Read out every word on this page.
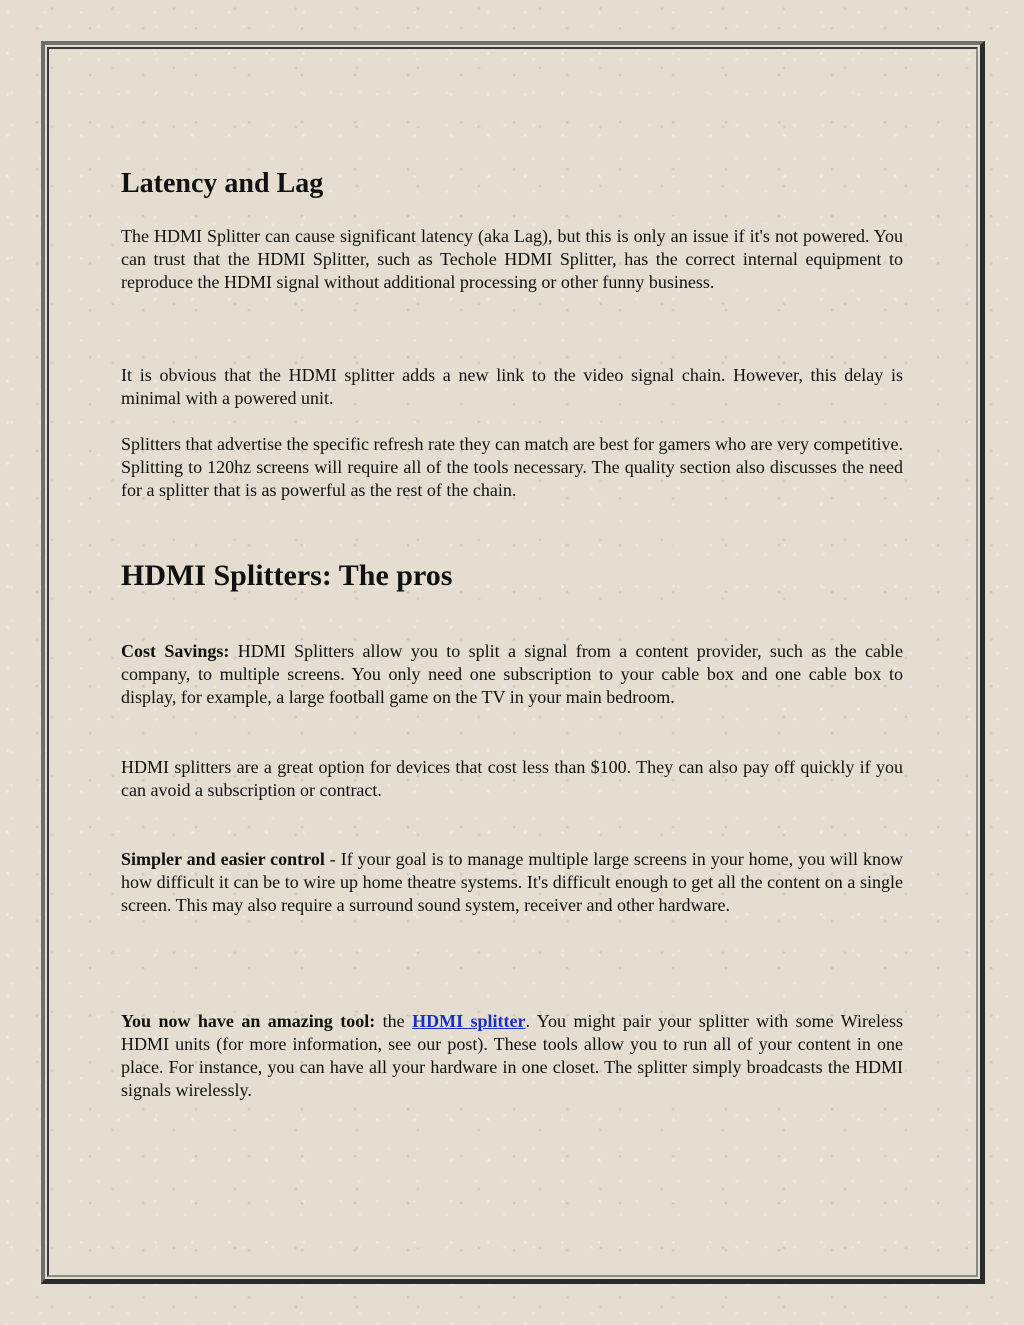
Latency and Lag

The HDMI Splitter can cause significant latency (aka Lag), but this is only an issue if it's not powered. You can trust that the HDMI Splitter, such as Techole HDMI Splitter, has the correct internal equipment to reproduce the HDMI signal without additional processing or other funny business.

It is obvious that the HDMI splitter adds a new link to the video signal chain. However, this delay is minimal with a powered unit.

Splitters that advertise the specific refresh rate they can match are best for gamers who are very competitive. Splitting to 120hz screens will require all of the tools necessary. The quality section also discusses the need for a splitter that is as powerful as the rest of the chain.

HDMI Splitters: The pros

Cost Savings: HDMI Splitters allow you to split a signal from a content provider, such as the cable company, to multiple screens. You only need one subscription to your cable box and one cable box to display, for example, a large football game on the TV in your main bedroom.

HDMI splitters are a great option for devices that cost less than $100. They can also pay off quickly if you can avoid a subscription or contract.

Simpler and easier control - If your goal is to manage multiple large screens in your home, you will know how difficult it can be to wire up home theatre systems. It's difficult enough to get all the content on a single screen. This may also require a surround sound system, receiver and other hardware.

You now have an amazing tool: the HDMI splitter. You might pair your splitter with some Wireless HDMI units (for more information, see our post). These tools allow you to run all of your content in one place. For instance, you can have all your hardware in one closet. The splitter simply broadcasts the HDMI signals wirelessly.
